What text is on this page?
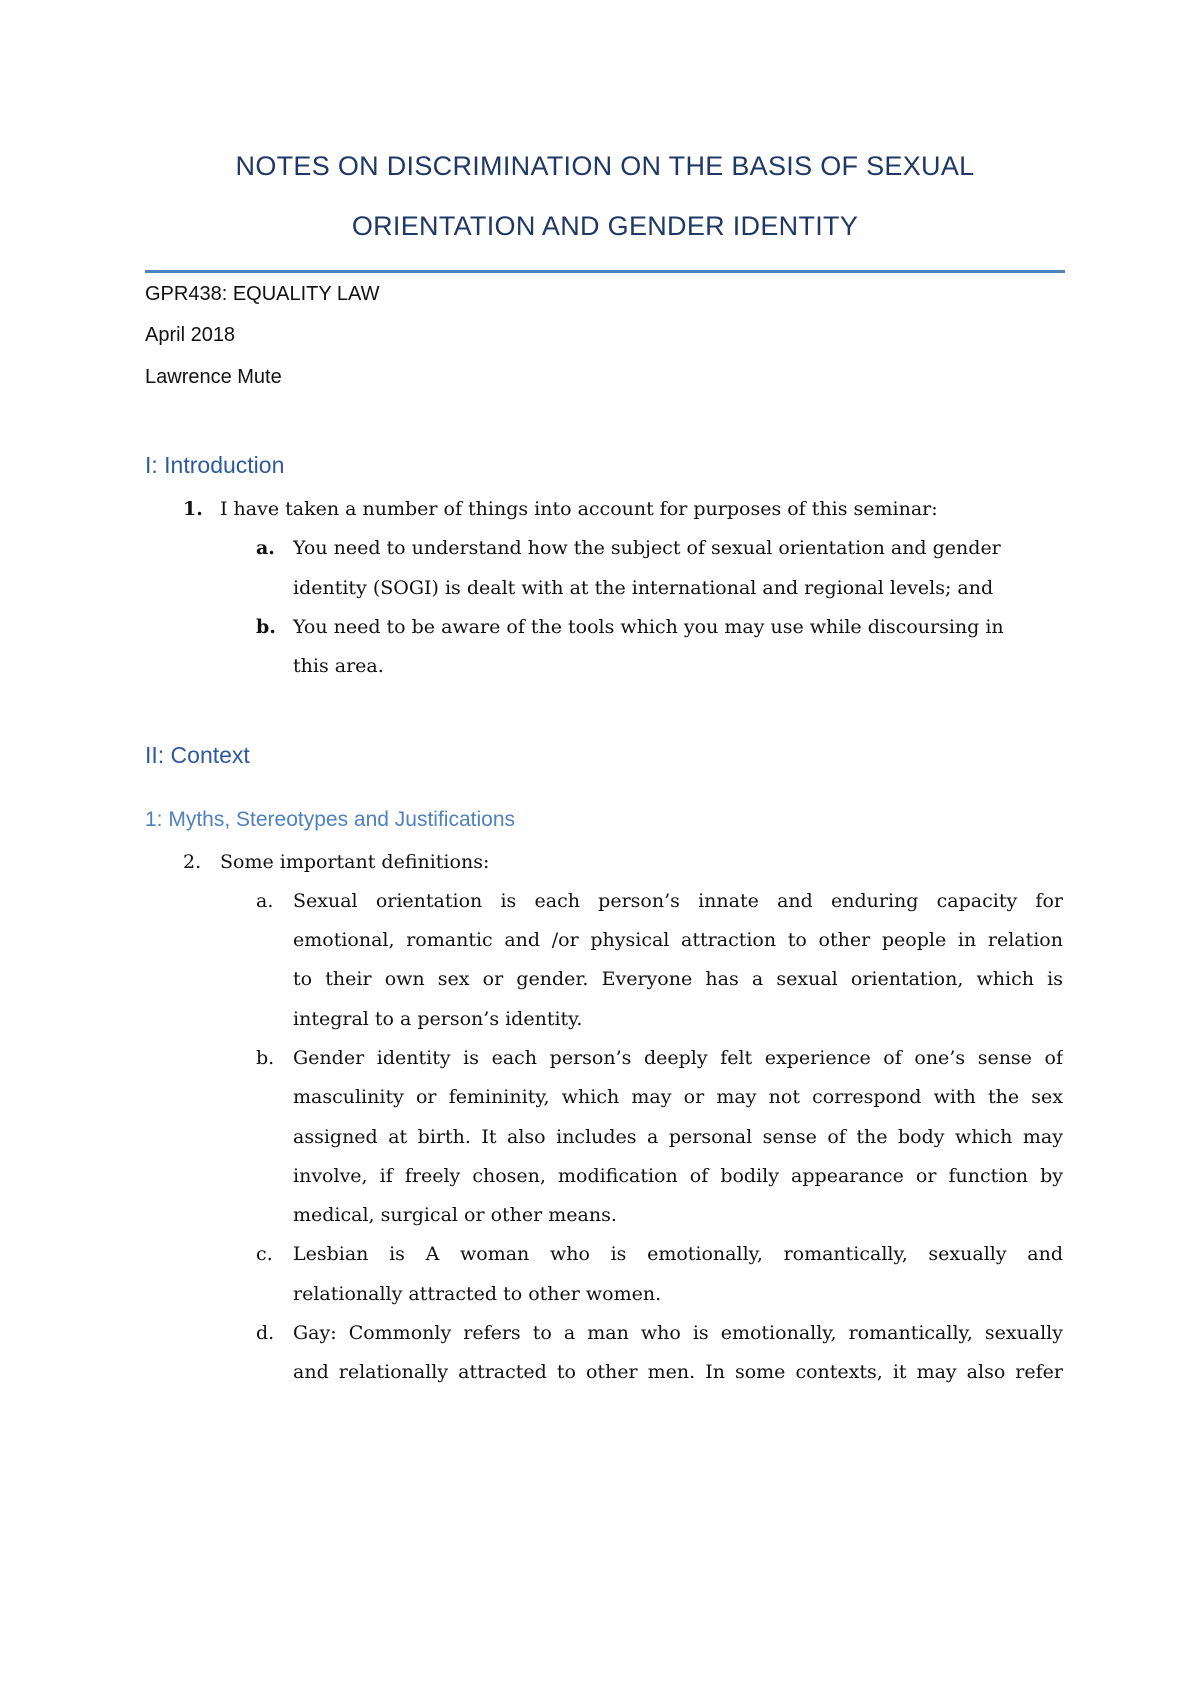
NOTES ON DISCRIMINATION ON THE BASIS OF SEXUAL
ORIENTATION AND GENDER IDENTITY
GPR438: EQUALITY LAW
April 2018
Lawrence Mute
I: Introduction
1. I have taken a number of things into account for purposes of this seminar:
a. You need to understand how the subject of sexual orientation and gender
identity (SOGI) is dealt with at the international and regional levels; and
b. You need to be aware of the tools which you may use while discoursing in
this area.
II: Context
1: Myths, Stereotypes and Justifications
2. Some important definitions:
a. Sexual orientation is each person’s innate and enduring capacity for
emotional, romantic and /or physical attraction to other people in relation
to their own sex or gender. Everyone has a sexual orientation, which is
integral to a person’s identity.
b. Gender identity is each person’s deeply felt experience of one’s sense of
masculinity or femininity, which may or may not correspond with the sex
assigned at birth. It also includes a personal sense of the body which may
involve, if freely chosen, modification of bodily appearance or function by
medical, surgical or other means.
c. Lesbian is A woman who is emotionally, romantically, sexually and
relationally attracted to other women.
d. Gay: Commonly refers to a man who is emotionally, romantically, sexually
and relationally attracted to other men. In some contexts, it may also refer
